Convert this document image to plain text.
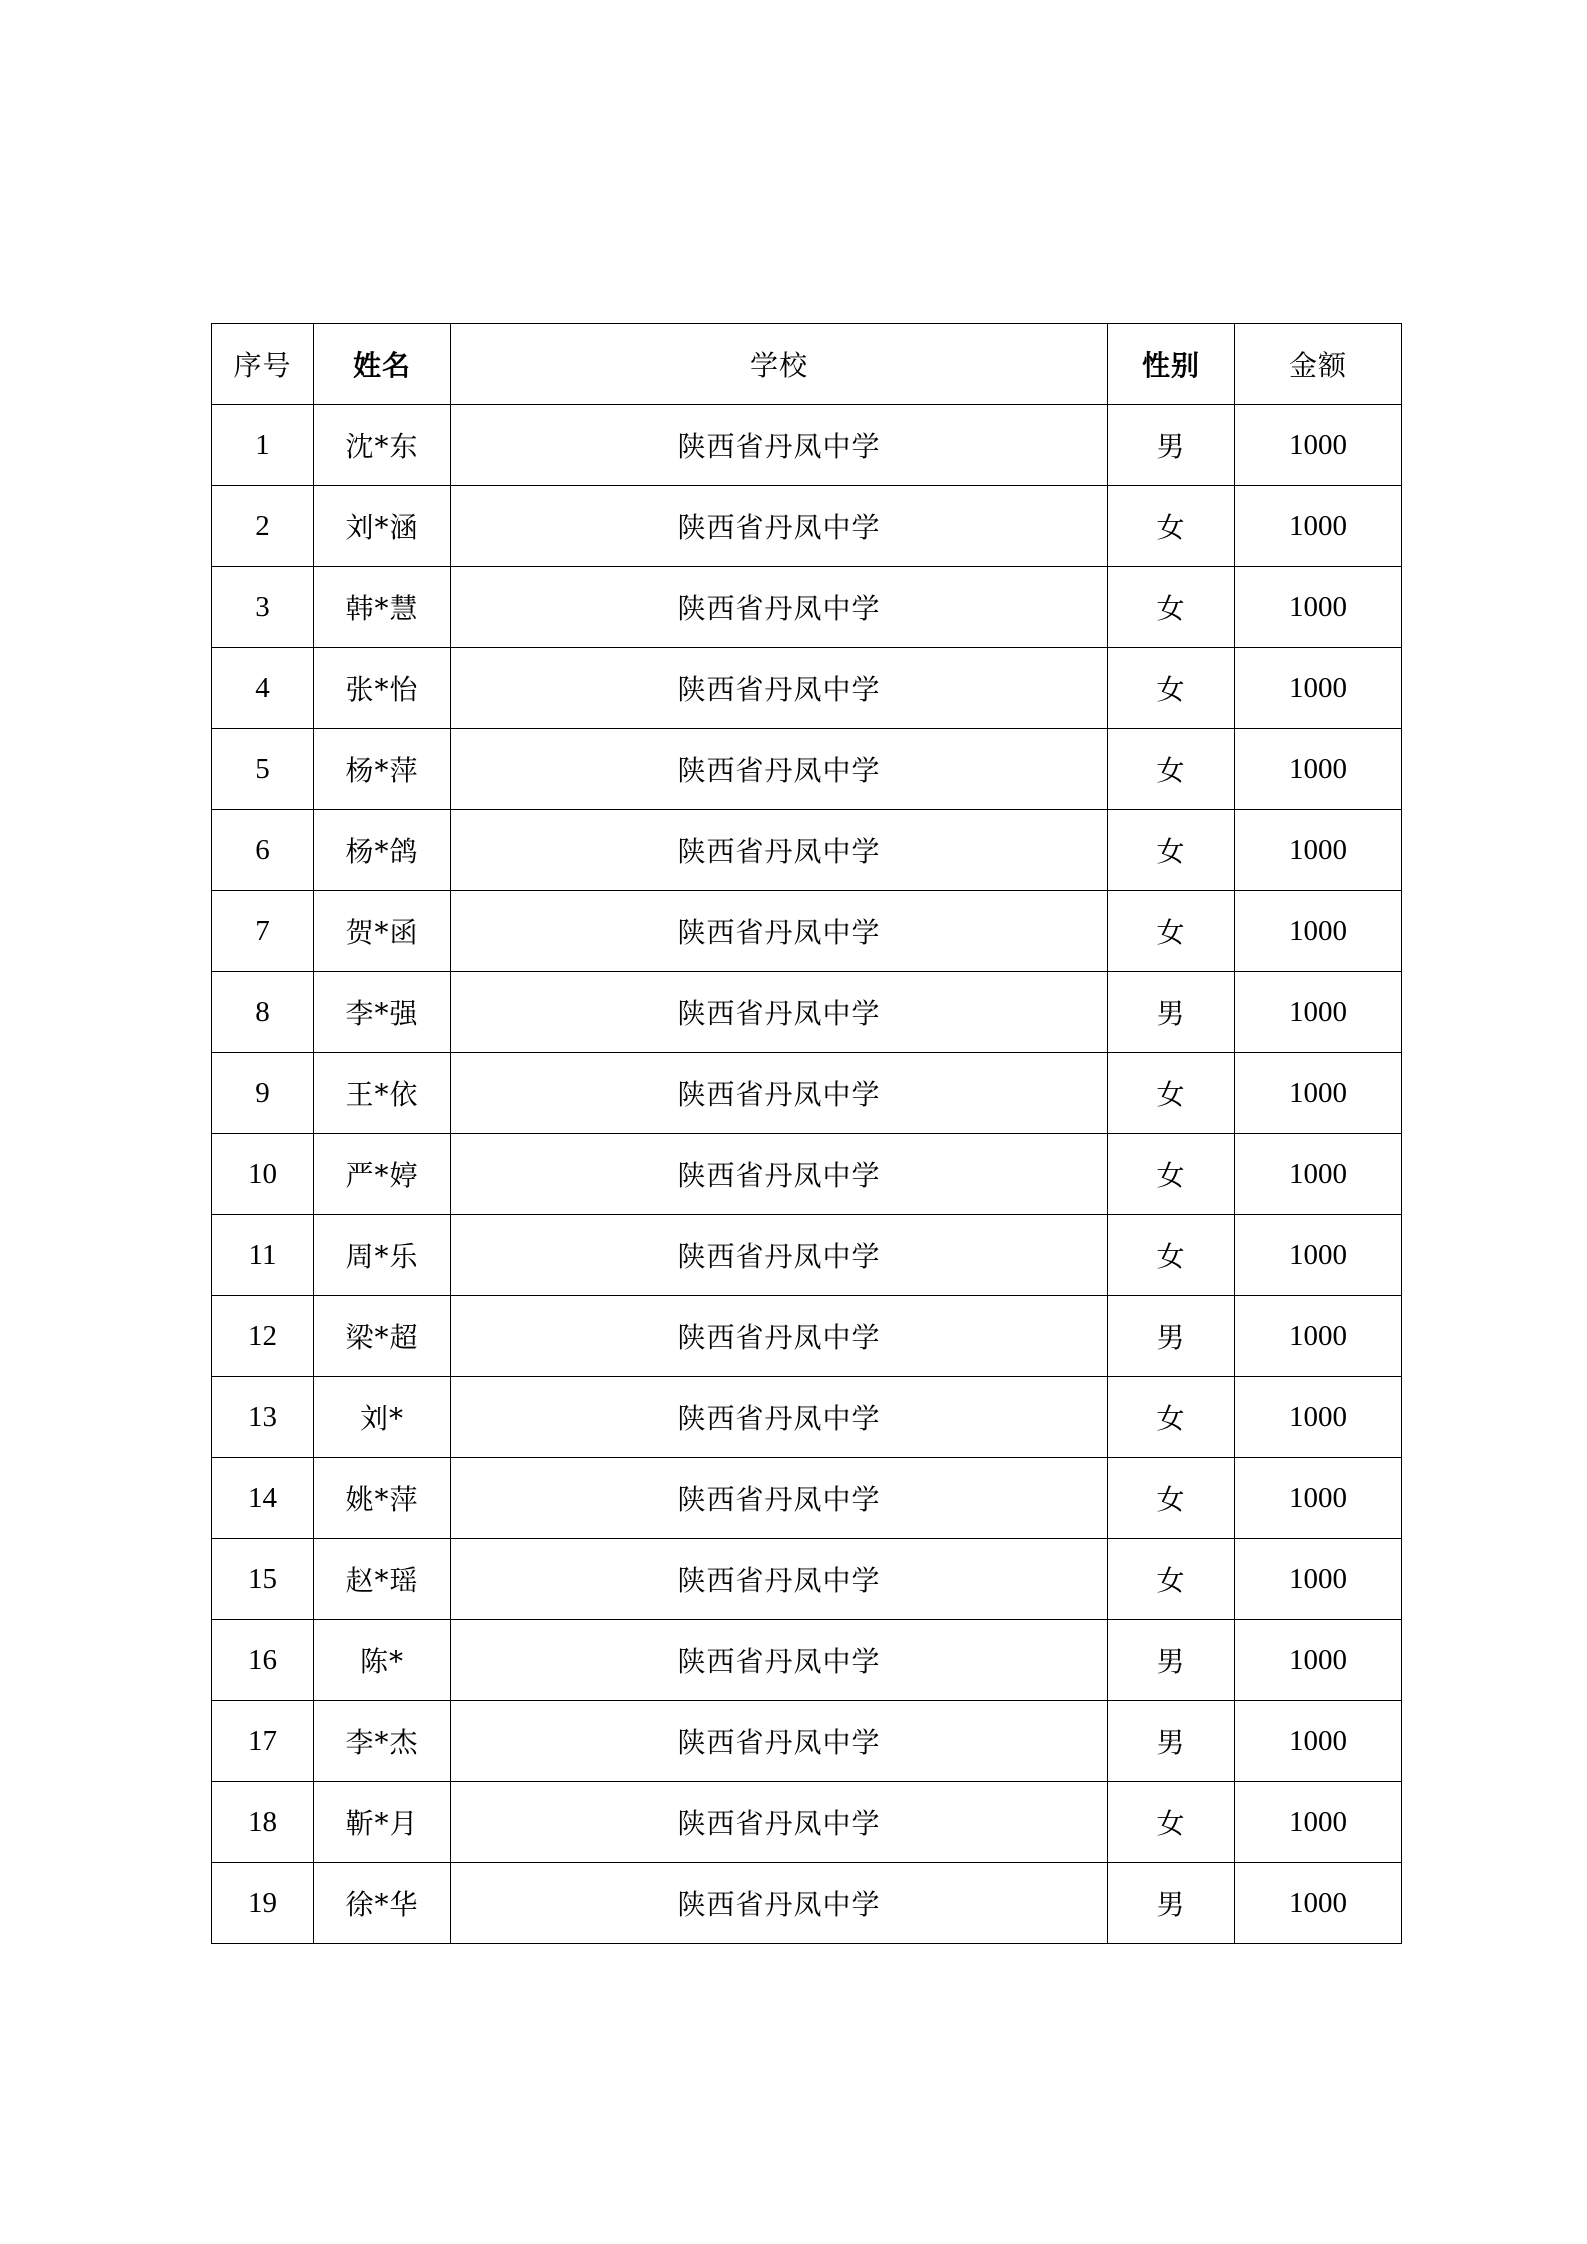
序号	姓名	学校	性别	金额
1	沈*东	陕西省丹凤中学	男	1000
2	刘*涵	陕西省丹凤中学	女	1000
3	韩*慧	陕西省丹凤中学	女	1000
4	张*怡	陕西省丹凤中学	女	1000
5	杨*萍	陕西省丹凤中学	女	1000
6	杨*鸽	陕西省丹凤中学	女	1000
7	贺*函	陕西省丹凤中学	女	1000
8	李*强	陕西省丹凤中学	男	1000
9	王*依	陕西省丹凤中学	女	1000
10	严*婷	陕西省丹凤中学	女	1000
11	周*乐	陕西省丹凤中学	女	1000
12	梁*超	陕西省丹凤中学	男	1000
13	刘*	陕西省丹凤中学	女	1000
14	姚*萍	陕西省丹凤中学	女	1000
15	赵*瑶	陕西省丹凤中学	女	1000
16	陈*	陕西省丹凤中学	男	1000
17	李*杰	陕西省丹凤中学	男	1000
18	靳*月	陕西省丹凤中学	女	1000
19	徐*华	陕西省丹凤中学	男	1000
